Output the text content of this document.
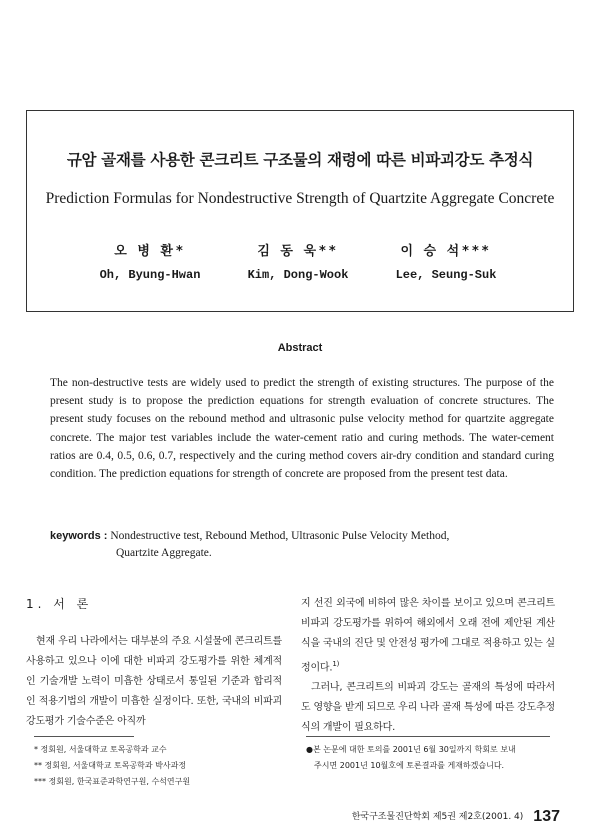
규암 골재를 사용한 콘크리트 구조물의 재령에 따른 비파괴강도 추정식
Prediction Formulas for Nondestructive Strength of Quartzite Aggregate Concrete
오 병 환*
Oh, Byung-Hwan
김 동 욱**
Kim, Dong-Wook
이 승 석***
Lee, Seung-Suk
Abstract
The non-destructive tests are widely used to predict the strength of existing structures. The purpose of the present study is to propose the prediction equations for strength evaluation of concrete structures. The present study focuses on the rebound method and ultrasonic pulse velocity method for quartzite aggregate concrete. The major test variables include the water-cement ratio and curing methods. The water-cement ratios are 0.4, 0.5, 0.6, 0.7, respectively and the curing method covers air-dry condition and standard curing condition. The prediction equations for strength of concrete are proposed from the present test data.
keywords : Nondestructive test, Rebound Method, Ultrasonic Pulse Velocity Method,
Quartzite Aggregate.
1. 서 론
현재 우리 나라에서는 대부분의 주요 시설물에 콘크리트를 사용하고 있으나 이에 대한 비파괴 강도평가를 위한 체계적인 기술개발 노력이 미흡한 상태로서 통일된 기준과 합리적인 적용기법의 개발이 미흡한 실정이다. 또한, 국내의 비파괴 강도평가 기술수준은 아직까
지 선진 외국에 비하여 많은 차이를 보이고 있으며 콘크리트 비파괴 강도평가를 위하여 해외에서 오래 전에 제안된 계산식을 국내의 진단 및 안전성 평가에 그대로 적용하고 있는 실정이다.$^{1)}$
그러나, 콘크리트의 비파괴 강도는 골재의 특성에 따라서도 영향을 받게 되므로 우리 나라 골재 특성에 따른 강도추정식의 개발이 필요하다.
* 정회원, 서울대학교 토목공학과 교수
** 정회원, 서울대학교 토목공학과 박사과정
*** 정회원, 한국표준과학연구원, 수석연구원
●본 논문에 대한 토의를 2001년 6월 30일까지 학회로 보내
주시면 2001년 10월호에 토론결과를 게재하겠습니다.
한국구조물진단학회 제5권 제2호(2001. 4) 137
